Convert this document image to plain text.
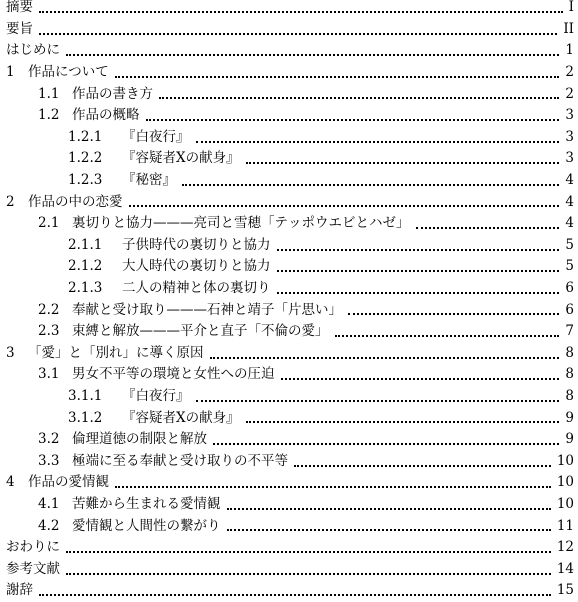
摘要	I
要旨	II
はじめに	1
1 作品について	2
1.1 作品の書き方	2
1.2 作品の概略	3
1.2.1	『白夜行』	3
1.2.2	『容疑者Xの献身』	3
1.2.3	『秘密』	4
2 作品の中の恋愛	4
2.1 裏切りと協力———亮司と雪穂「テッポウエビとハゼ」	4
2.1.1	子供時代の裏切りと協力	5
2.1.2	大人時代の裏切りと協力	5
2.1.3	二人の精神と体の裏切り	6
2.2 奉献と受け取り———石神と靖子「片思い」	6
2.3 束縛と解放———平介と直子「不倫の愛」	7
3 「愛」と「別れ」に導く原因	8
3.1 男女不平等の環境と女性への圧迫	8
3.1.1	『白夜行』	8
3.1.2	『容疑者Xの献身』	9
3.2 倫理道徳の制限と解放	9
3.3 極端に至る奉献と受け取りの不平等	10
4 作品の愛情観	10
4.1 苦難から生まれる愛情観	10
4.2 愛情観と人間性の繋がり	11
おわりに	12
参考文献	14
謝辞	15
